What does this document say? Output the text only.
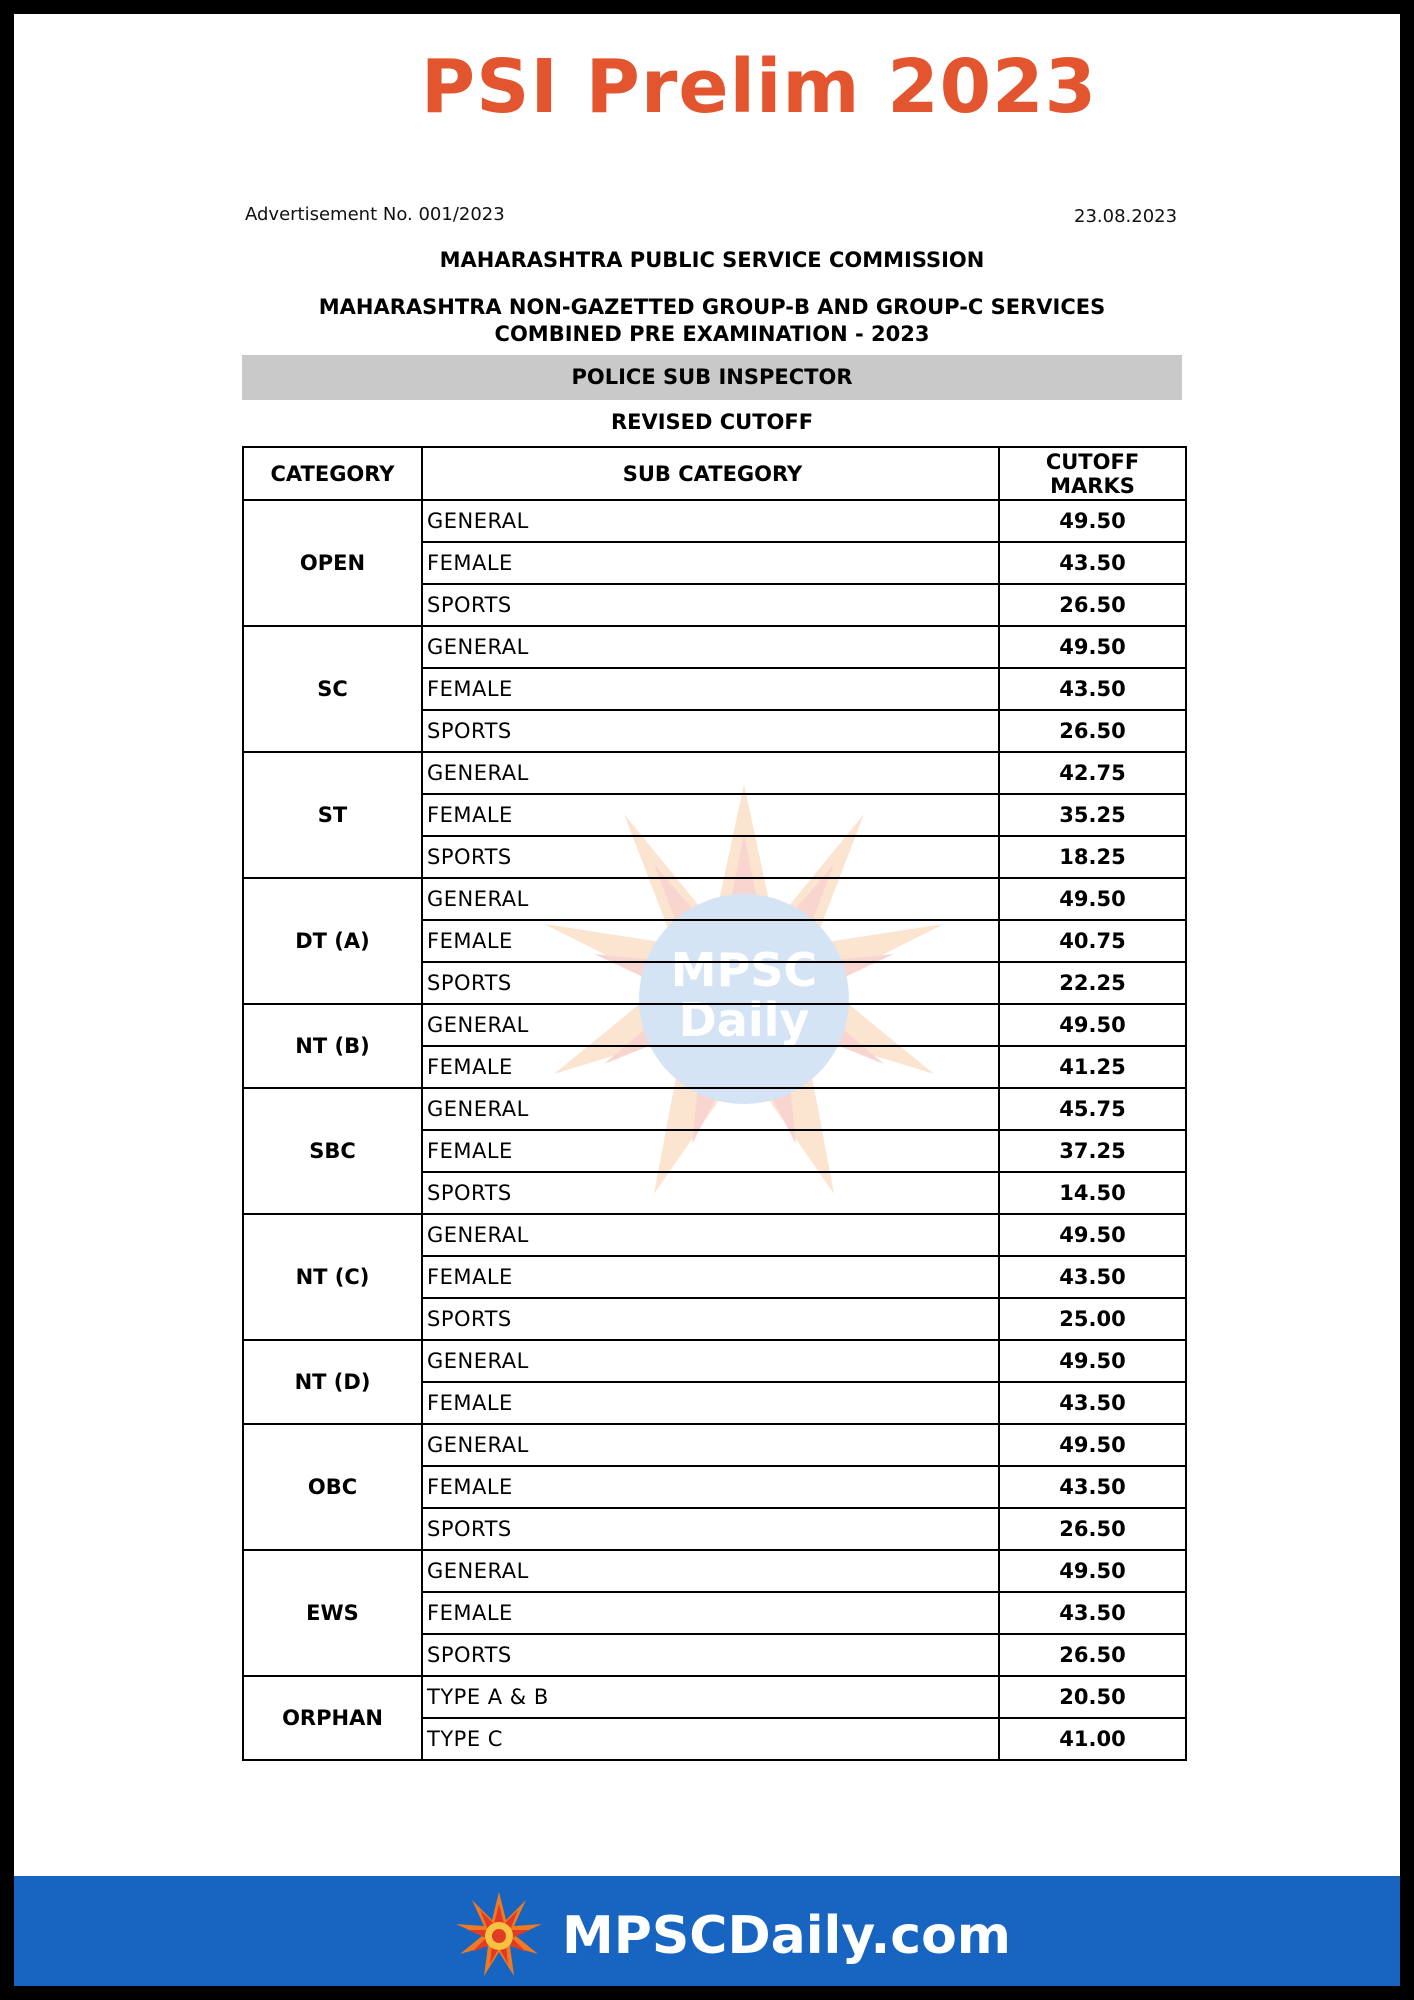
PSI Prelim 2023
Advertisement No. 001/2023	23.08.2023
MAHARASHTRA PUBLIC SERVICE COMMISSION
MAHARASHTRA NON-GAZETTED GROUP-B AND GROUP-C SERVICES
COMBINED PRE EXAMINATION - 2023
POLICE SUB INSPECTOR
REVISED CUTOFF
MPSC
Daily
CATEGORY	SUB CATEGORY	CUTOFF MARKS
OPEN	GENERAL	49.50
	FEMALE	43.50
	SPORTS	26.50
SC	GENERAL	49.50
	FEMALE	43.50
	SPORTS	26.50
ST	GENERAL	42.75
	FEMALE	35.25
	SPORTS	18.25
DT (A)	GENERAL	49.50
	FEMALE	40.75
	SPORTS	22.25
NT (B)	GENERAL	49.50
	FEMALE	41.25
SBC	GENERAL	45.75
	FEMALE	37.25
	SPORTS	14.50
NT (C)	GENERAL	49.50
	FEMALE	43.50
	SPORTS	25.00
NT (D)	GENERAL	49.50
	FEMALE	43.50
OBC	GENERAL	49.50
	FEMALE	43.50
	SPORTS	26.50
EWS	GENERAL	49.50
	FEMALE	43.50
	SPORTS	26.50
ORPHAN	TYPE A & B	20.50
	TYPE C	41.00
MPSCDaily.com
